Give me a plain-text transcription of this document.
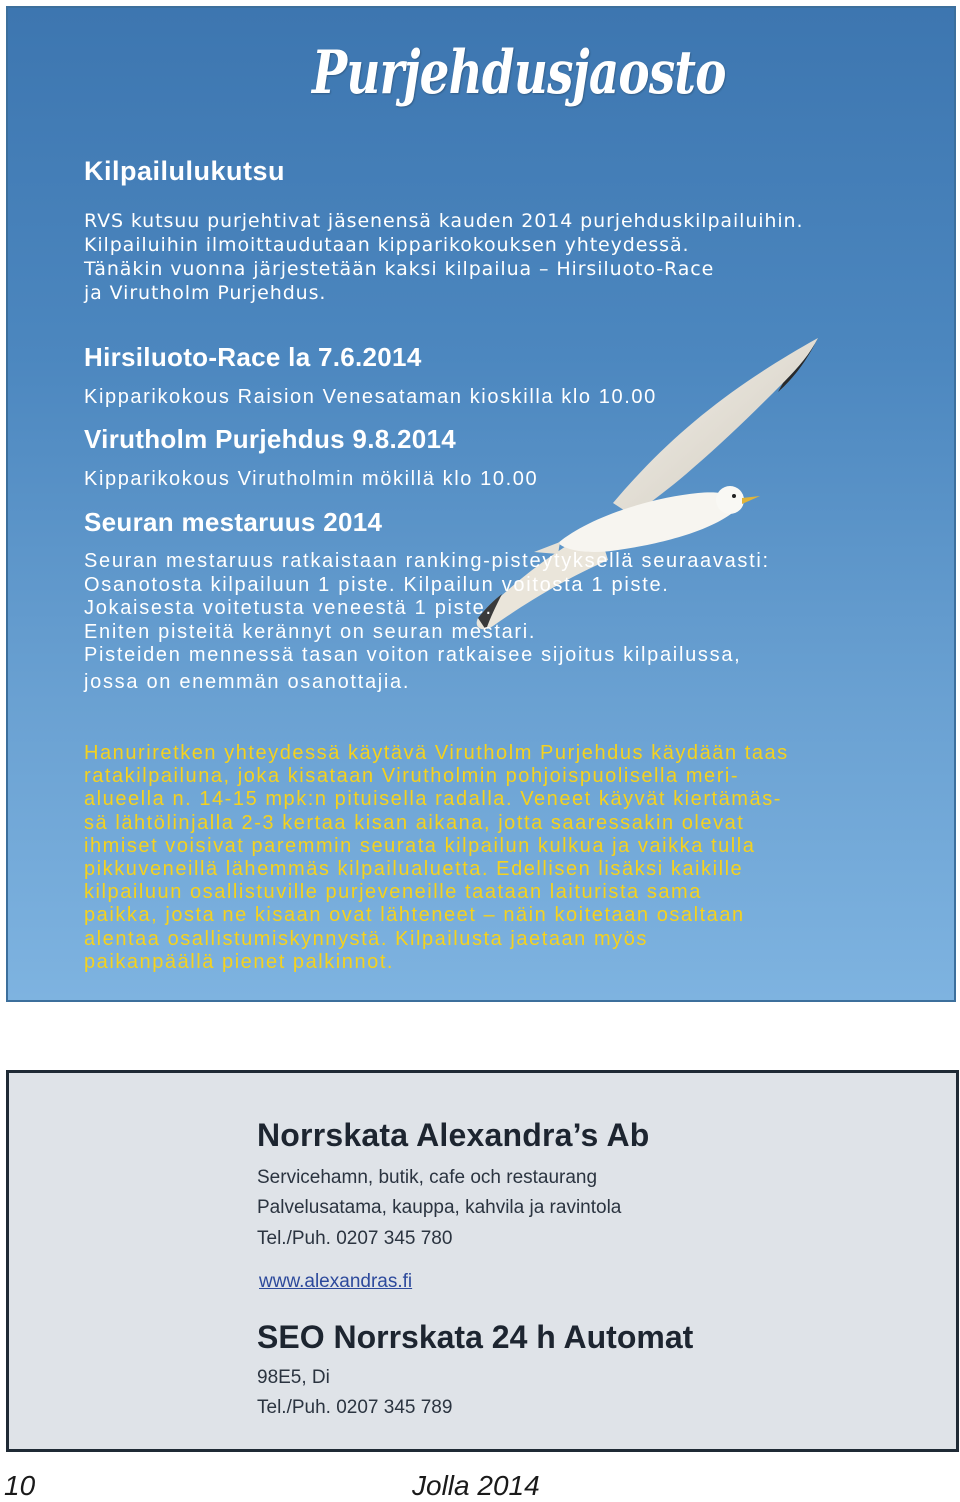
Purjehdusjaosto
Kilpailulukutsu
RVS kutsuu purjehtivat jäsenensä kauden 2014 purjehduskilpailuihin.
Kilpailuihin ilmoittaudutaan kipparikokouksen yhteydessä.
Tänäkin vuonna järjestetään kaksi kilpailua – Hirsiluoto-Race
ja Virutholm Purjehdus.
Hirsiluoto-Race la 7.6.2014
Kipparikokous Raision Venesataman kioskilla klo 10.00
Virutholm Purjehdus 9.8.2014
Kipparikokous Virutholmin mökillä klo 10.00
Seuran mestaruus 2014
Seuran mestaruus ratkaistaan ranking-pisteytyksellä seuraavasti:
Osanotosta kilpailuun 1 piste. Kilpailun voitosta 1 piste.
Jokaisesta voitetusta veneestä 1 piste.
Eniten pisteitä kerännyt on seuran mestari.
Pisteiden mennessä tasan voiton ratkaisee sijoitus kilpailussa,
jossa on enemmän osanottajia.
Hanuriretken yhteydessä käytävä Virutholm Purjehdus käydään taas
ratakilpailuna, joka kisataan Virutholmin pohjoispuolisella meri-
alueella n. 14-15 mpk:n pituisella radalla. Veneet käyvät kiertämäs-
sä lähtölinjalla 2-3 kertaa kisan aikana, jotta saaressakin olevat
ihmiset voisivat paremmin seurata kilpailun kulkua ja vaikka tulla
pikkuveneillä lähemmäs kilpailualuetta. Edellisen lisäksi kaikille
kilpailuun osallistuville purjeveneille taataan laiturista sama
paikka, josta ne kisaan ovat lähteneet – näin koitetaan osaltaan
alentaa osallistumiskynnystä. Kilpailusta jaetaan myös
paikanpäällä pienet palkinnot.
Norrskata Alexandra’s Ab
Servicehamn, butik, cafe och restaurang
Palvelusatama, kauppa, kahvila ja ravintola
Tel./Puh. 0207 345 780
www.alexandras.fi
SEO Norrskata 24 h Automat
98E5, Di
Tel./Puh. 0207 345 789
10	Jolla 2014
